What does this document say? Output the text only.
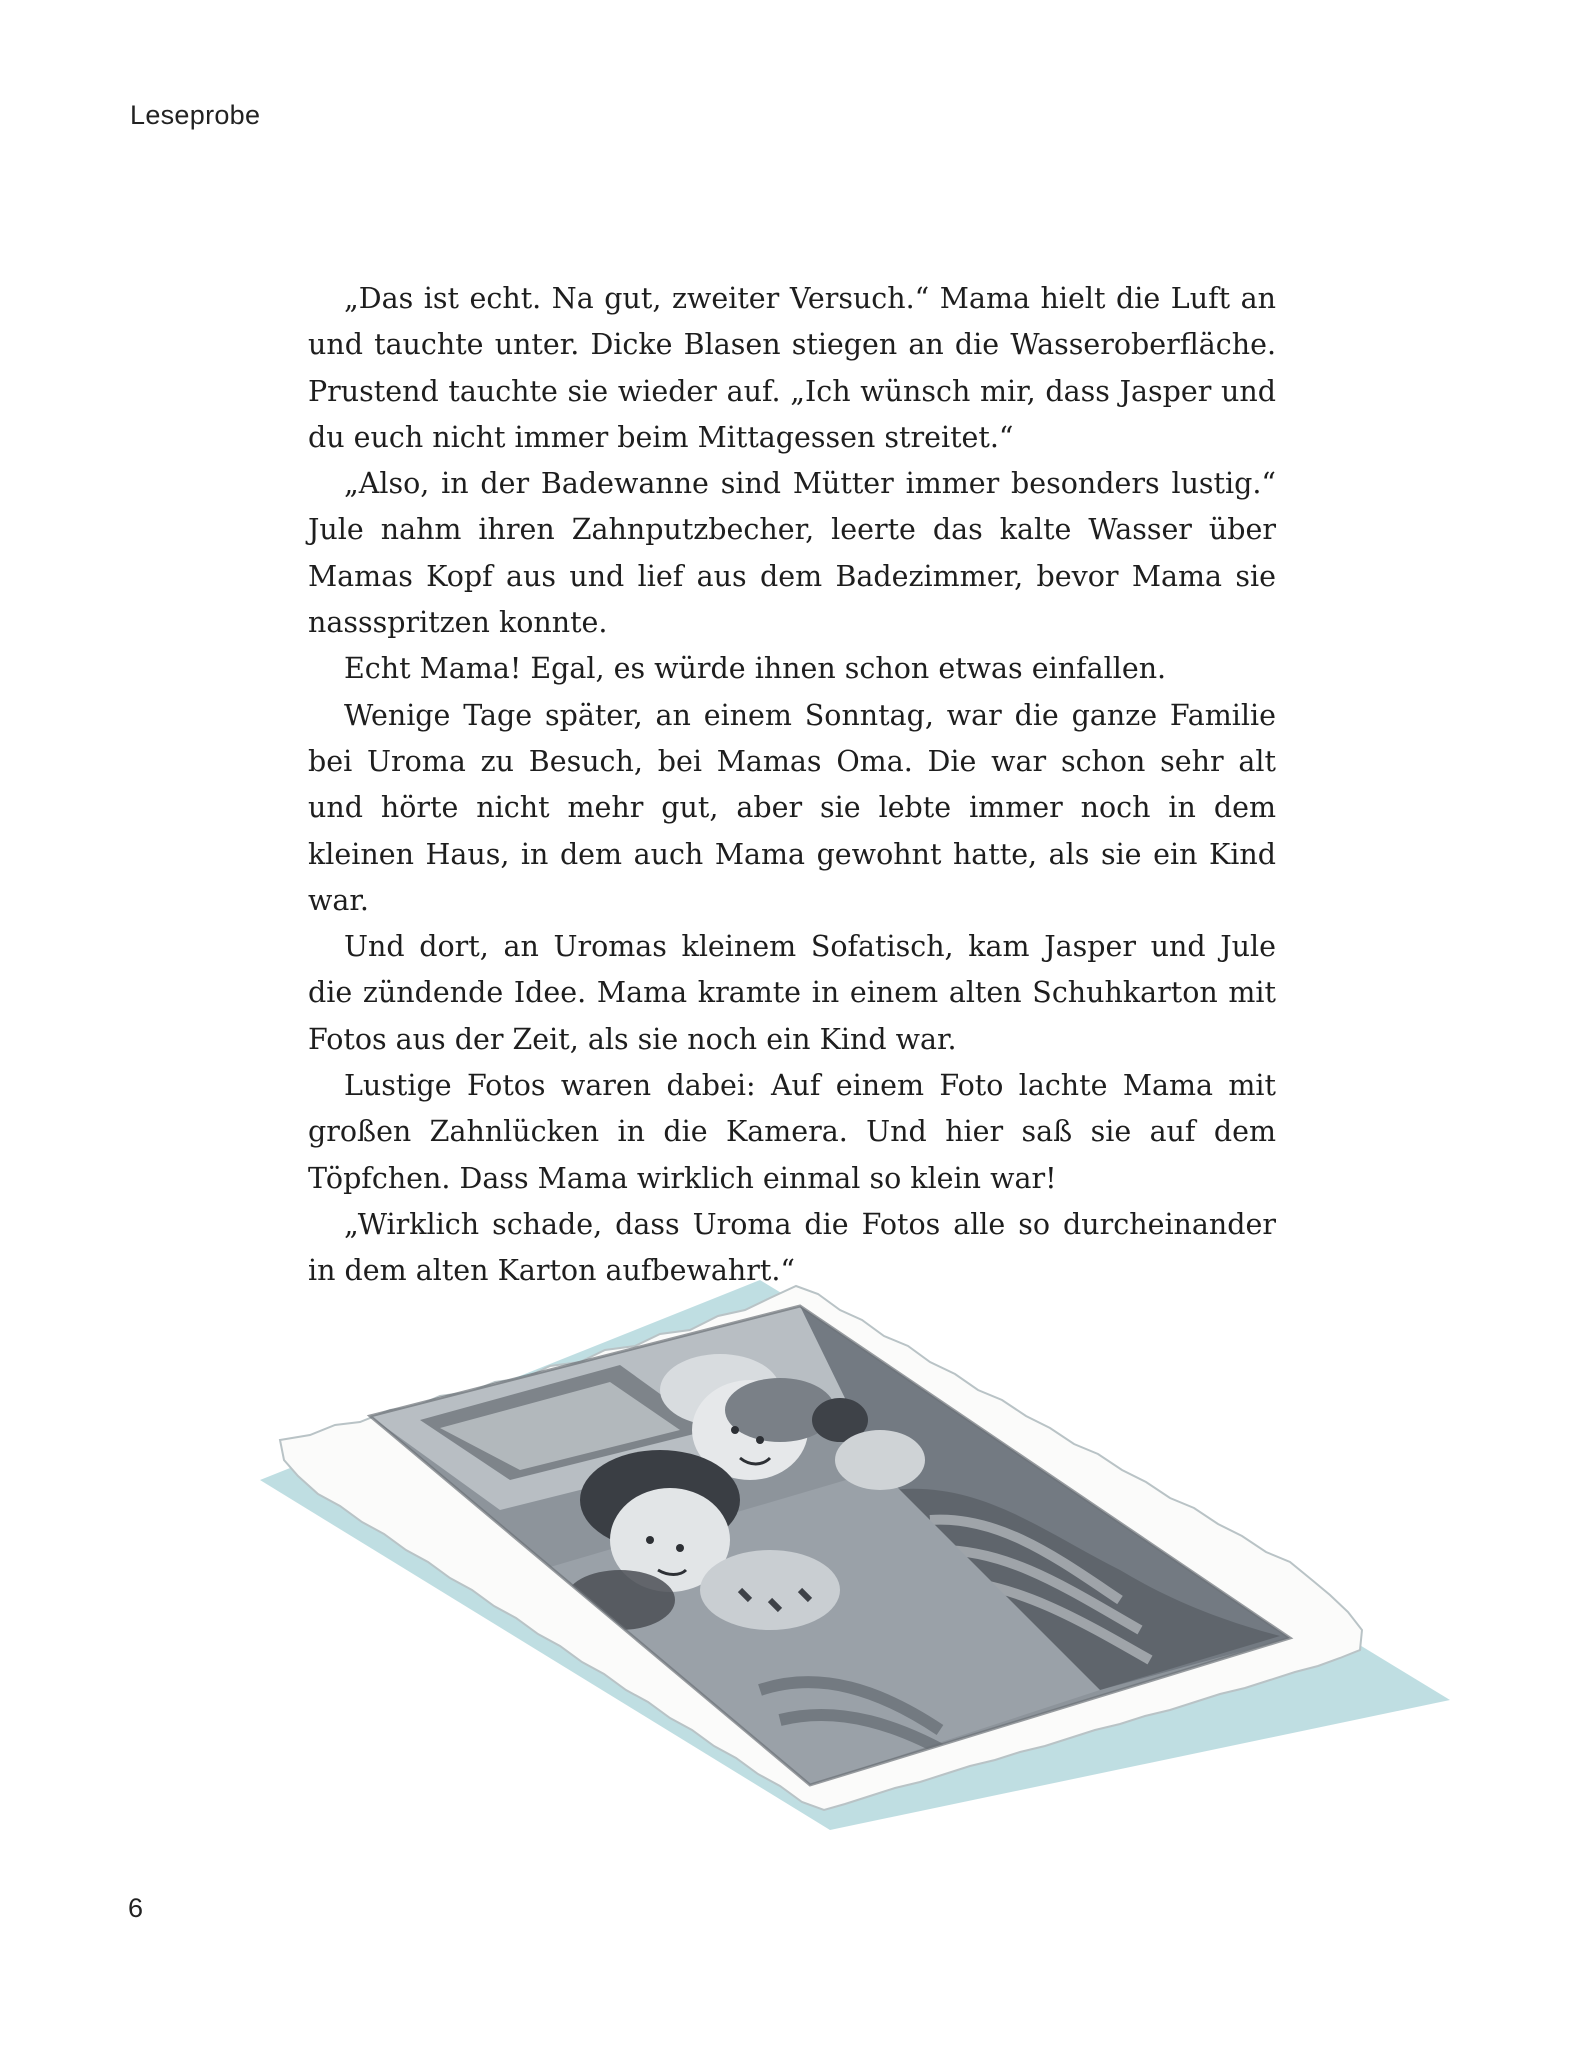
Leseprobe

„Das ist echt. Na gut, zweiter Versuch.“ Mama hielt die Luft an und tauchte unter. Dicke Blasen stiegen an die Wasseroberfläche. Prustend tauchte sie wieder auf. „Ich wünsch mir, dass Jasper und du euch nicht immer beim Mittagessen streitet.“

„Also, in der Badewanne sind Mütter immer besonders lustig.“ Jule nahm ihren Zahnputzbecher, leerte das kalte Wasser über Mamas Kopf aus und lief aus dem Badezimmer, bevor Mama sie nassspritzen konnte.

Echt Mama! Egal, es würde ihnen schon etwas einfallen.

Wenige Tage später, an einem Sonntag, war die ganze Familie bei Uroma zu Besuch, bei Mamas Oma. Die war schon sehr alt und hörte nicht mehr gut, aber sie lebte immer noch in dem kleinen Haus, in dem auch Mama gewohnt hatte, als sie ein Kind war.

Und dort, an Uromas kleinem Sofatisch, kam Jasper und Jule die zündende Idee. Mama kramte in einem alten Schuhkarton mit Fotos aus der Zeit, als sie noch ein Kind war.

Lustige Fotos waren dabei: Auf einem Foto lachte Mama mit großen Zahnlücken in die Kamera. Und hier saß sie auf dem Töpfchen. Dass Mama wirklich einmal so klein war!

„Wirklich schade, dass Uroma die Fotos alle so durcheinander in dem alten Karton aufbewahrt.“

6
